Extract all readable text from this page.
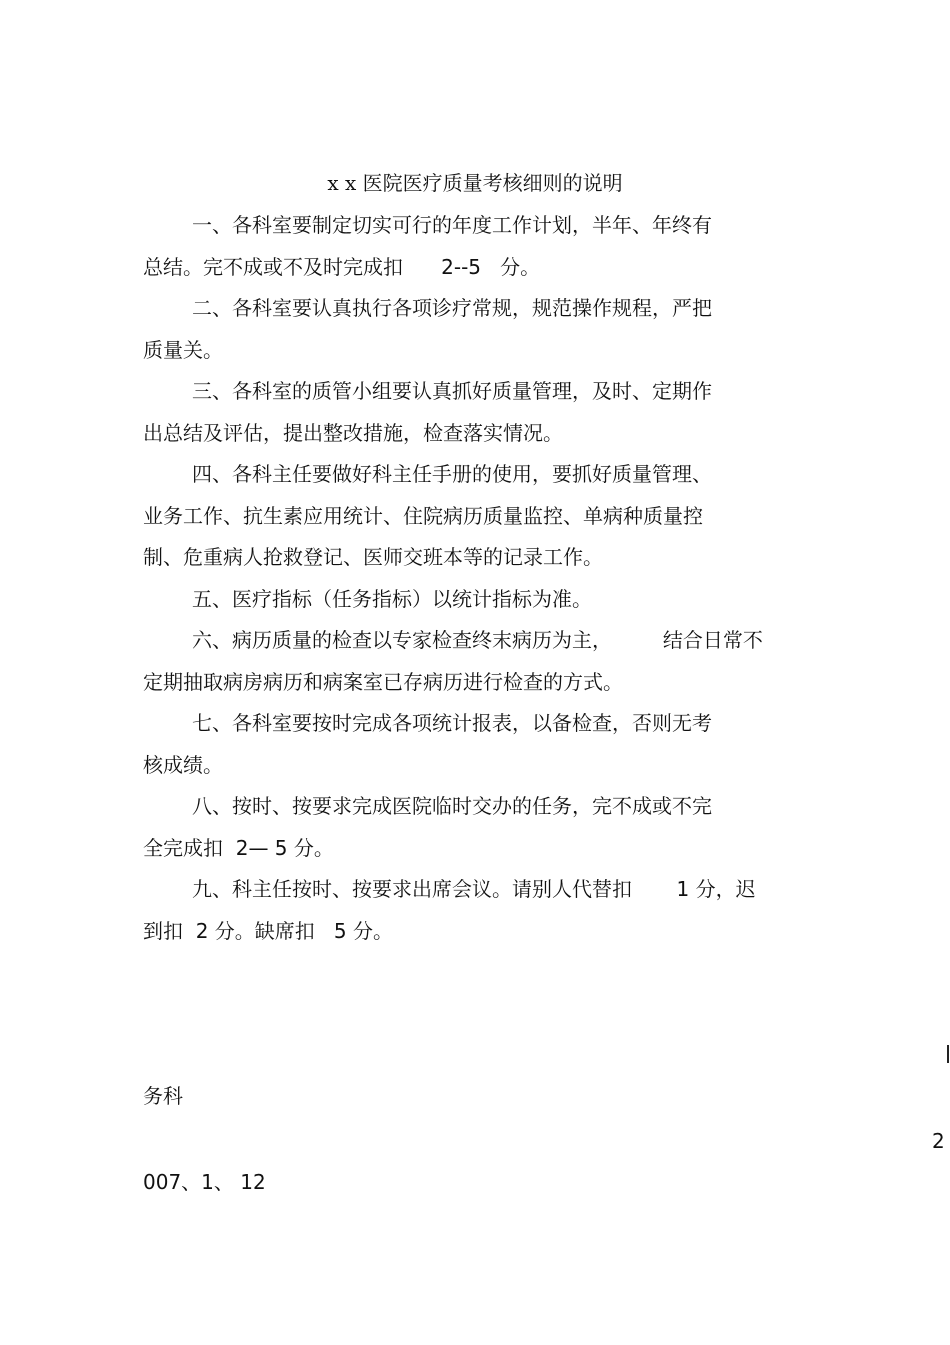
x x 医院医疗质量考核细则的说明
一、各科室要制定切实可行的年度工作计划，半年、年终有
总结。完不成或不及时完成扣      2--5   分。
二、各科室要认真执行各项诊疗常规，规范操作规程，严把
质量关。
三、各科室的质管小组要认真抓好质量管理，及时、定期作
出总结及评估，提出整改措施，检查落实情况。
四、各科主任要做好科主任手册的使用，要抓好质量管理、
业务工作、抗生素应用统计、住院病历质量监控、单病种质量控
制、危重病人抢救登记、医师交班本等的记录工作。
五、医疗指标（任务指标）以统计指标为准。
六、病历质量的检查以专家检查终末病历为主，        结合日常不
定期抽取病房病历和病案室已存病历进行检查的方式。
七、各科室要按时完成各项统计报表，以备检查，否则无考
核成绩。
八、按时、按要求完成医院临时交办的任务，完不成或不完
全完成扣  2— 5 分。
九、科主任按时、按要求出席会议。请别人代替扣       1 分，迟
到扣  2 分。缺席扣   5 分。
务科
2
007、1、 12
